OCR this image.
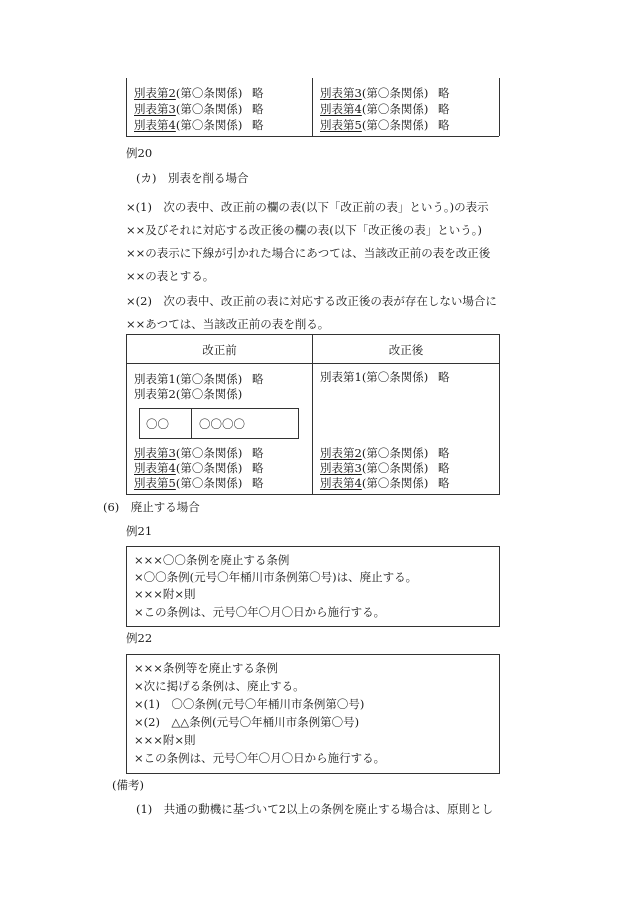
別表第2(第〇条関係) 略
別表第3(第〇条関係) 略
別表第4(第〇条関係) 略
別表第3(第〇条関係) 略
別表第4(第〇条関係) 略
別表第5(第〇条関係) 略
例20
(カ)　別表を削る場合
×(1)　次の表中、改正前の欄の表(以下「改正前の表」という。)の表示
××及びそれに対応する改正後の欄の表(以下「改正後の表」という。)
××の表示に下線が引かれた場合にあつては、当該改正前の表を改正後
××の表とする。
×(2)　次の表中、改正前の表に対応する改正後の表が存在しない場合に
××あつては、当該改正前の表を削る。
改正前	改正後
別表第1(第〇条関係) 略
別表第2(第〇条関係)
〇〇	〇〇〇〇
別表第3(第〇条関係) 略
別表第4(第〇条関係) 略
別表第5(第〇条関係) 略
別表第1(第〇条関係) 略
別表第2(第〇条関係) 略
別表第3(第〇条関係) 略
別表第4(第〇条関係) 略
(6)　廃止する場合
例21
×××〇〇条例を廃止する条例
×〇〇条例(元号〇年桶川市条例第〇号)は、廃止する。
×××附×則
×この条例は、元号〇年〇月〇日から施行する。
例22
×××条例等を廃止する条例
×次に掲げる条例は、廃止する。
×(1)　〇〇条例(元号〇年桶川市条例第〇号)
×(2)　△△条例(元号〇年桶川市条例第〇号)
×××附×則
×この条例は、元号〇年〇月〇日から施行する。
(備考)
(1)　共通の動機に基づいて2以上の条例を廃止する場合は、原則とし
